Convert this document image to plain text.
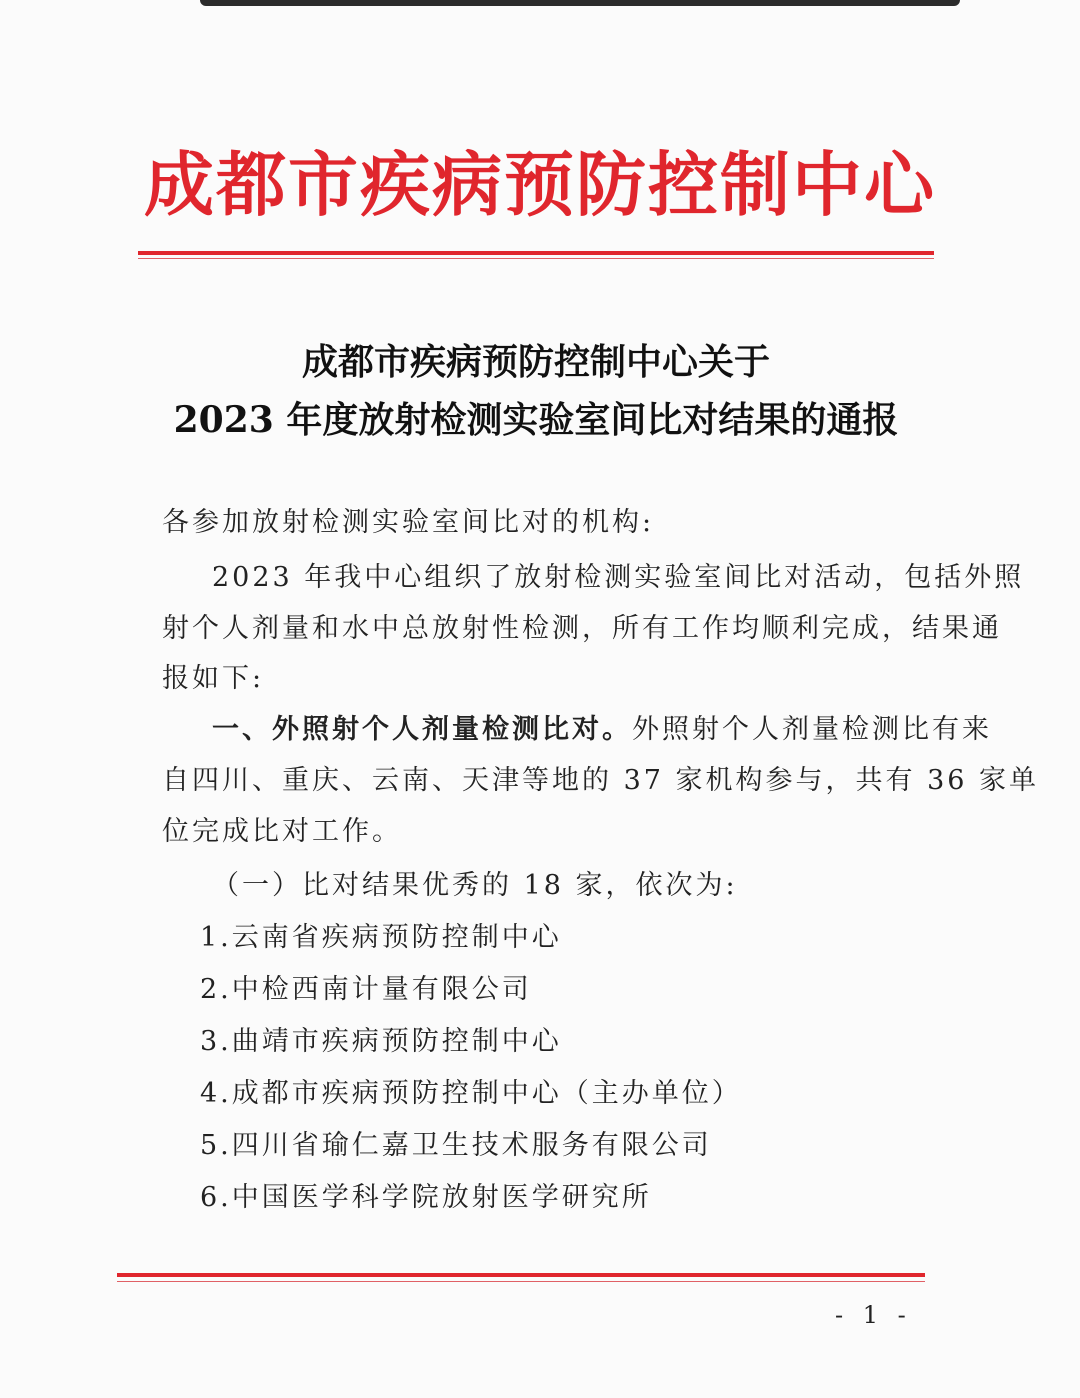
成都市疾病预防控制中心
成都市疾病预防控制中心关于
2023 年度放射检测实验室间比对结果的通报
各参加放射检测实验室间比对的机构:
2023 年我中心组织了放射检测实验室间比对活动，包括外照
射个人剂量和水中总放射性检测，所有工作均顺利完成，结果通
报如下:
一、外照射个人剂量检测比对。外照射个人剂量检测比有来
自四川、重庆、云南、天津等地的 37 家机构参与，共有 36 家单
位完成比对工作。
（一）比对结果优秀的 18 家，依次为:
1.云南省疾病预防控制中心
2.中检西南计量有限公司
3.曲靖市疾病预防控制中心
4.成都市疾病预防控制中心（主办单位）
5.四川省瑜仁嘉卫生技术服务有限公司
6.中国医学科学院放射医学研究所
- 1 -
